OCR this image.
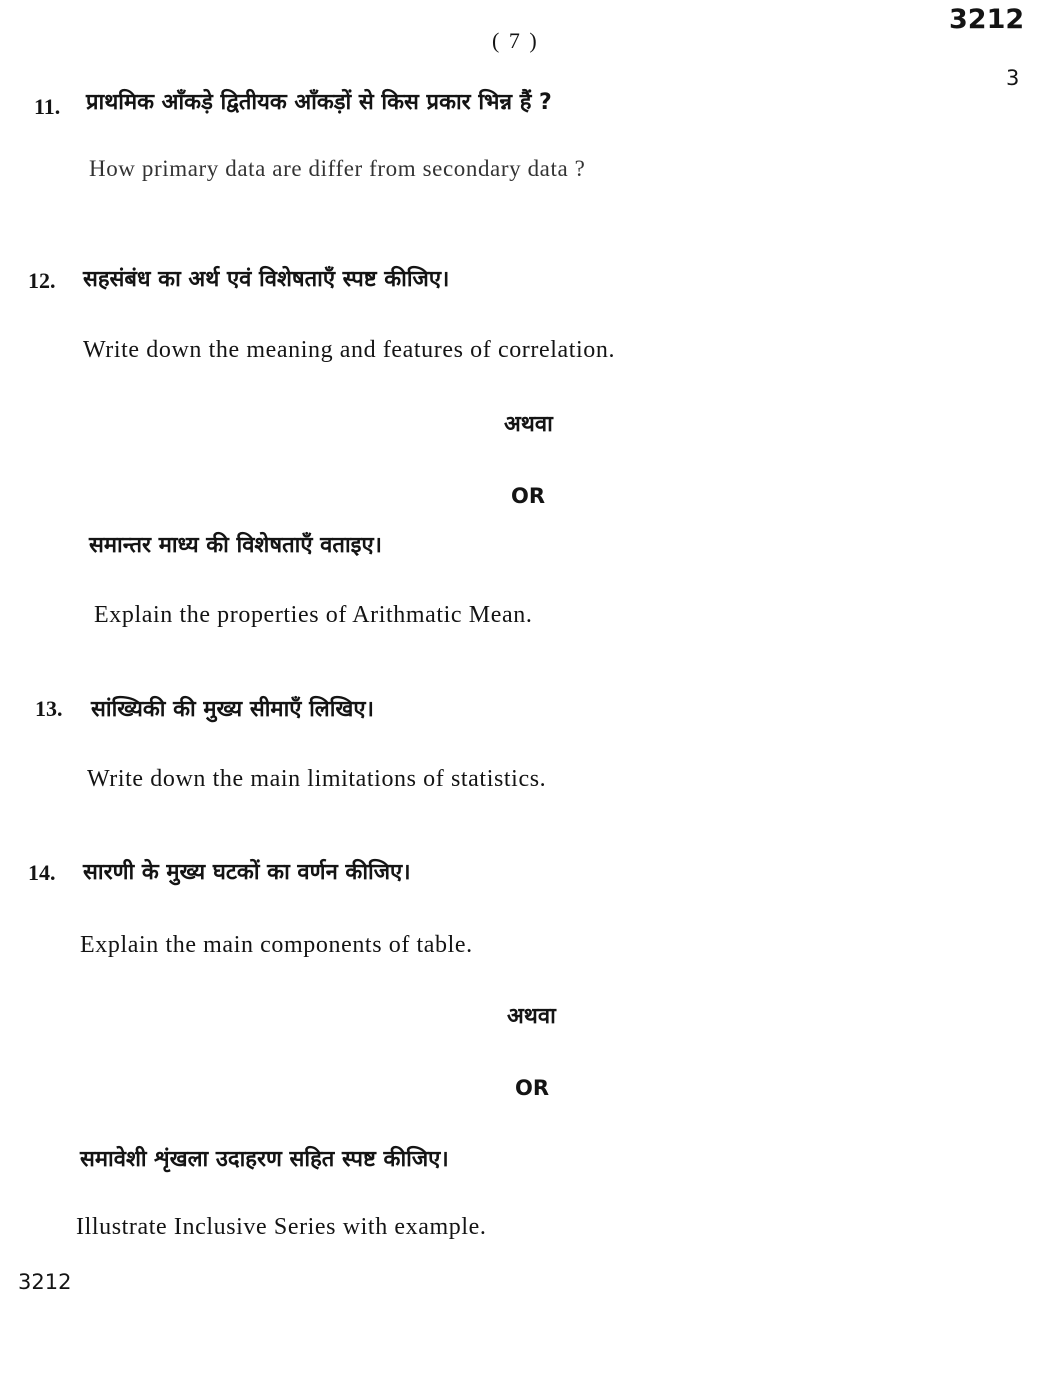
( 7 )
3212
3
11. प्राथमिक आँकड़े द्वितीयक आँकड़ों से किस प्रकार भिन्न हैं ?
How primary data are differ from secondary data ?
12. सहसंबंध का अर्थ एवं विशेषताएँ स्पष्ट कीजिए।
Write down the meaning and features of correlation.
अथवा
OR
समान्तर माध्य की विशेषताएँ वताइए।
Explain the properties of Arithmatic Mean.
13. सांख्यिकी की मुख्य सीमाएँ लिखिए।
Write down the main limitations of statistics.
14. सारणी के मुख्य घटकों का वर्णन कीजिए।
Explain the main components of table.
अथवा
OR
समावेशी शृंखला उदाहरण सहित स्पष्ट कीजिए।
Illustrate Inclusive Series with example.
3212
